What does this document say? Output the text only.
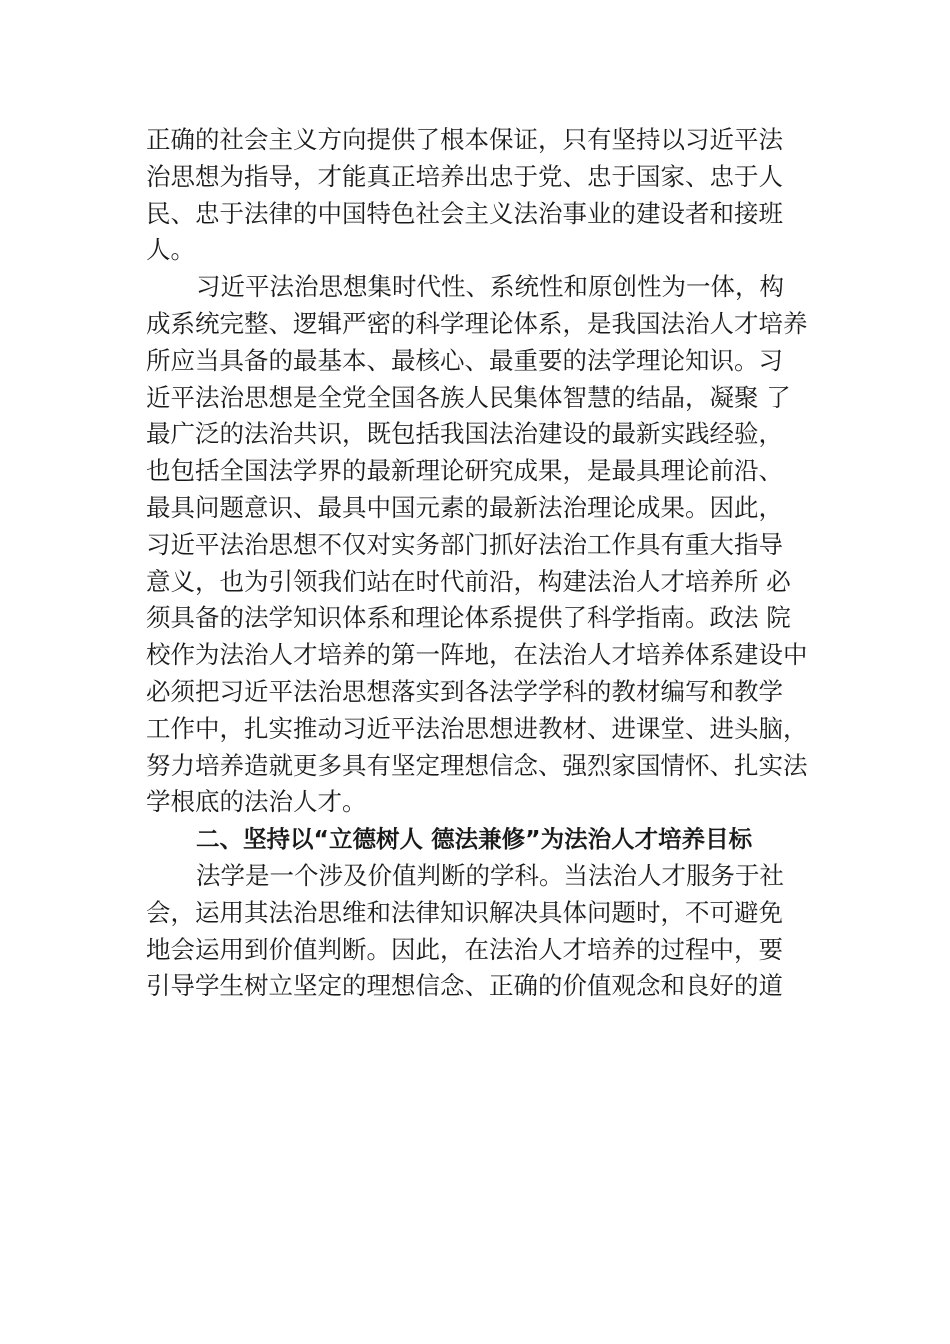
正确的社会主义方向提供了根本保证，只有坚持以习近平法
治思想为指导，才能真正培养出忠于党、忠于国家、忠于人
民、忠于法律的中国特色社会主义法治事业的建设者和接班
人。
习近平法治思想集时代性、系统性和原创性为一体，构
成系统完整、逻辑严密的科学理论体系，是我国法治人才培养
所应当具备的最基本、最核心、最重要的法学理论知识。习
近平法治思想是全党全国各族人民集体智慧的结晶，凝聚 了
最广泛的法治共识，既包括我国法治建设的最新实践经验，
也包括全国法学界的最新理论研究成果，是最具理论前沿、
最具问题意识、最具中国元素的最新法治理论成果。因此，
习近平法治思想不仅对实务部门抓好法治工作具有重大指导
意义，也为引领我们站在时代前沿，构建法治人才培养所 必
须具备的法学知识体系和理论体系提供了科学指南。政法 院
校作为法治人才培养的第一阵地，在法治人才培养体系建设中
必须把习近平法治思想落实到各法学学科的教材编写和教学
工作中，扎实推动习近平法治思想进教材、进课堂、进头脑，
努力培养造就更多具有坚定理想信念、强烈家国情怀、扎实法
学根底的法治人才。
二、坚持以“立德树人 德法兼修”为法治人才培养目标
法学是一个涉及价值判断的学科。当法治人才服务于社
会，运用其法治思维和法律知识解决具体问题时，不可避免
地会运用到价值判断。因此，在法治人才培养的过程中，要
引导学生树立坚定的理想信念、正确的价值观念和良好的道
